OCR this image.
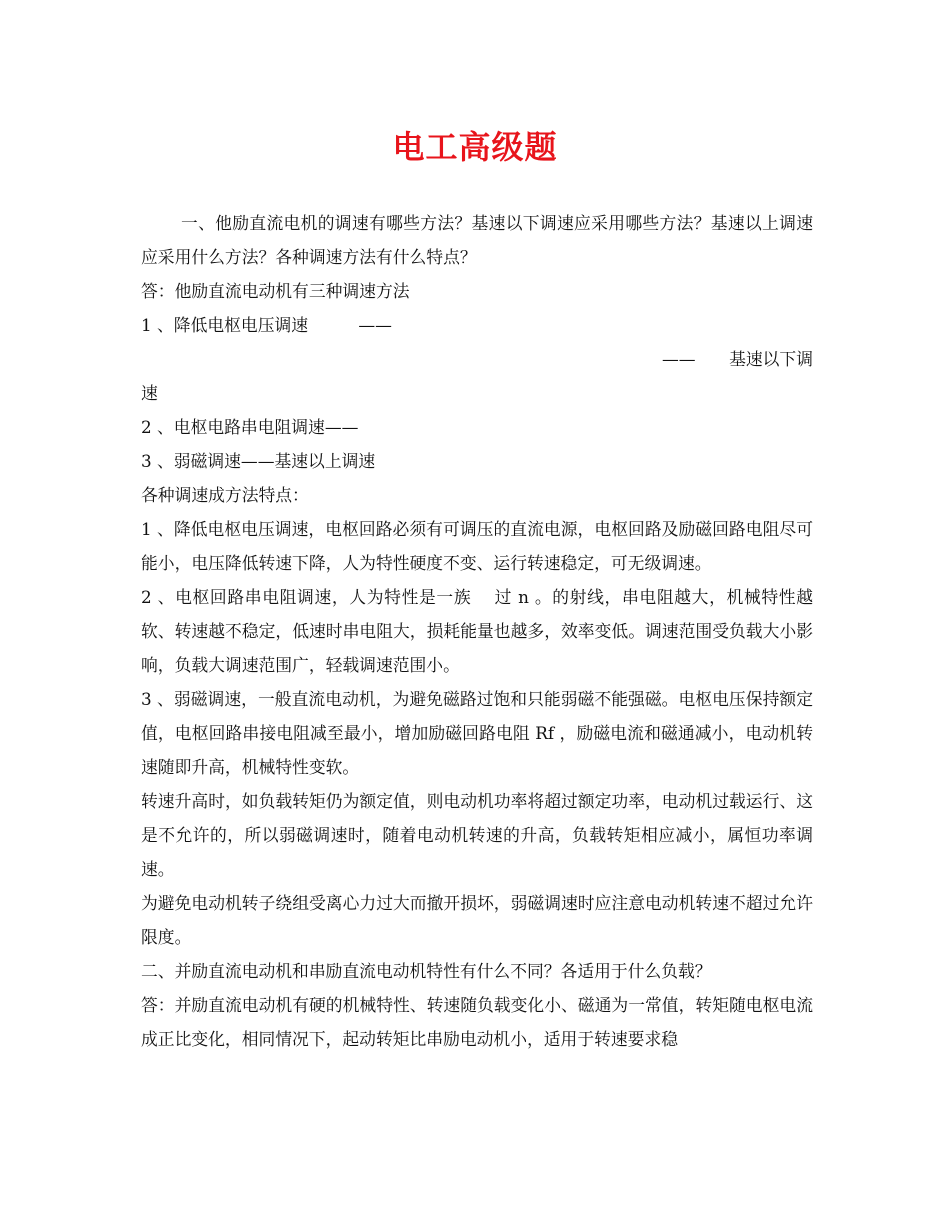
电工高级题

一、他励直流电机的调速有哪些方法？基速以下调速应采用哪些方法？基速以上调速应采用什么方法？各种调速方法有什么特点？

答：他励直流电动机有三种调速方法

1 、降低电枢电压调速　　　——

——　　基速以下调

速

2 、电枢电路串电阻调速——

3 、弱磁调速——基速以上调速

各种调速成方法特点：

1 、降低电枢电压调速，电枢回路必须有可调压的直流电源，电枢回路及励磁回路电阻尽可能小，电压降低转速下降，人为特性硬度不变、运行转速稳定，可无级调速。

2 、电枢回路串电阻调速，人为特性是一族　 过 n 。的射线，串电阻越大，机械特性越软、转速越不稳定，低速时串电阻大，损耗能量也越多，效率变低。调速范围受负载大小影响，负载大调速范围广，轻载调速范围小。

3 、弱磁调速，一般直流电动机，为避免磁路过饱和只能弱磁不能强磁。电枢电压保持额定值，电枢回路串接电阻减至最小，增加励磁回路电阻 Rf ，励磁电流和磁通减小，电动机转速随即升高，机械特性变软。

转速升高时，如负载转矩仍为额定值，则电动机功率将超过额定功率，电动机过载运行、这是不允许的，所以弱磁调速时，随着电动机转速的升高，负载转矩相应减小，属恒功率调速。

为避免电动机转子绕组受离心力过大而撤开损坏，弱磁调速时应注意电动机转速不超过允许限度。

二、并励直流电动机和串励直流电动机特性有什么不同？各适用于什么负载？

答：并励直流电动机有硬的机械特性、转速随负载变化小、磁通为一常值，转矩随电枢电流成正比变化，相同情况下，起动转矩比串励电动机小，适用于转速要求稳
